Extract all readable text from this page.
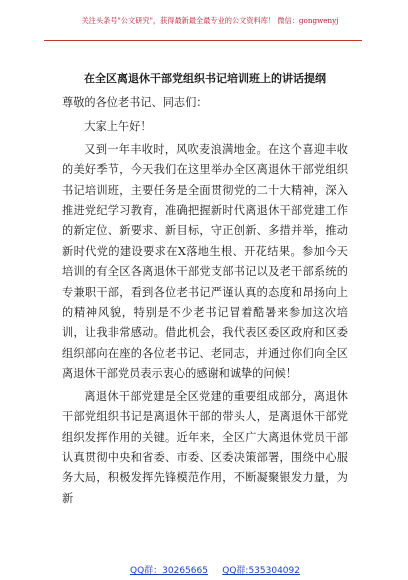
关注头条号"公文研究"，获得最新最全最专业的公文资料库！ 微信：gongwenyj
在全区离退休干部党组织书记培训班上的讲话提纲

尊敬的各位老书记、同志们：

大家上午好！

又到一年丰收时，风吹麦浪满地金。在这个喜迎丰收的美好季节，今天我们在这里举办全区离退休干部党组织书记培训班，主要任务是全面贯彻党的二十大精神，深入推进党纪学习教育，准确把握新时代离退休干部党建工作的新定位、新要求、新目标，守正创新、多措并举，推动新时代党的建设要求在X落地生根、开花结果。参加今天培训的有全区各离退休干部党支部书记以及老干部系统的专兼职干部，看到各位老书记严谨认真的态度和昂扬向上的精神风貌，特别是不少老书记冒着酷暑来参加这次培训，让我非常感动。借此机会，我代表区委区政府和区委组织部向在座的各位老书记、老同志，并通过你们向全区离退休干部党员表示衷心的感谢和诚挚的问候！

离退休干部党建是全区党建的重要组成部分，离退休干部党组织书记是离退休干部的带头人，是离退休干部党组织发挥作用的关键。近年来，全区广大离退休党员干部认真贯彻中央和省委、市委、区委决策部署，围绕中心服务大局，积极发挥先锋模范作用，不断凝聚银发力量，为新

QQ群：30265665 QQ群:535304092
